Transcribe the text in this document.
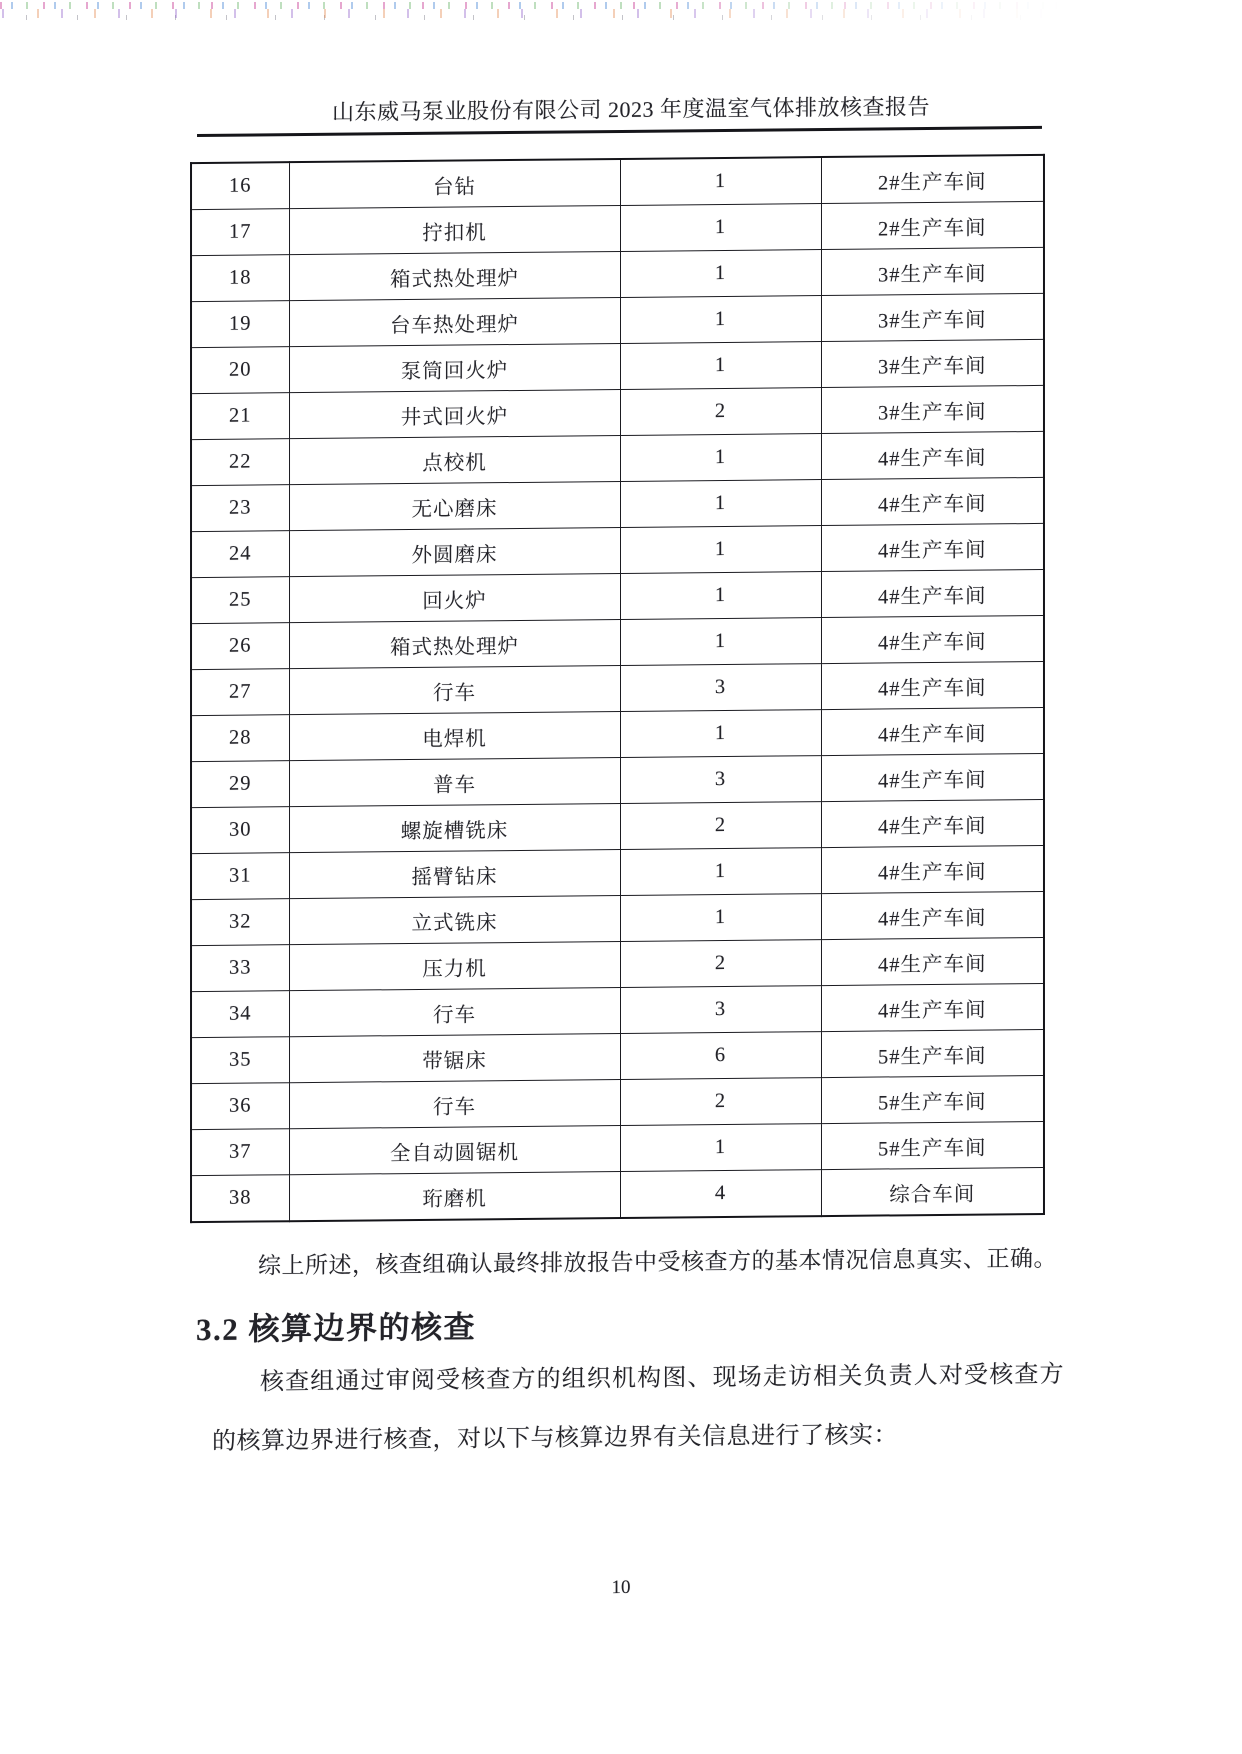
山东威马泵业股份有限公司 2023 年度温室气体排放核查报告
16	台钻	1	2#生产车间
17	拧扣机	1	2#生产车间
18	箱式热处理炉	1	3#生产车间
19	台车热处理炉	1	3#生产车间
20	泵筒回火炉	1	3#生产车间
21	井式回火炉	2	3#生产车间
22	点校机	1	4#生产车间
23	无心磨床	1	4#生产车间
24	外圆磨床	1	4#生产车间
25	回火炉	1	4#生产车间
26	箱式热处理炉	1	4#生产车间
27	行车	3	4#生产车间
28	电焊机	1	4#生产车间
29	普车	3	4#生产车间
30	螺旋槽铣床	2	4#生产车间
31	摇臂钻床	1	4#生产车间
32	立式铣床	1	4#生产车间
33	压力机	2	4#生产车间
34	行车	3	4#生产车间
35	带锯床	6	5#生产车间
36	行车	2	5#生产车间
37	全自动圆锯机	1	5#生产车间
38	珩磨机	4	综合车间

综上所述，核查组确认最终排放报告中受核查方的基本情况信息真实、正确。

3.2 核算边界的核查

核查组通过审阅受核查方的组织机构图、现场走访相关负责人对受核查方的核算边界进行核查，对以下与核算边界有关信息进行了核实：

10
